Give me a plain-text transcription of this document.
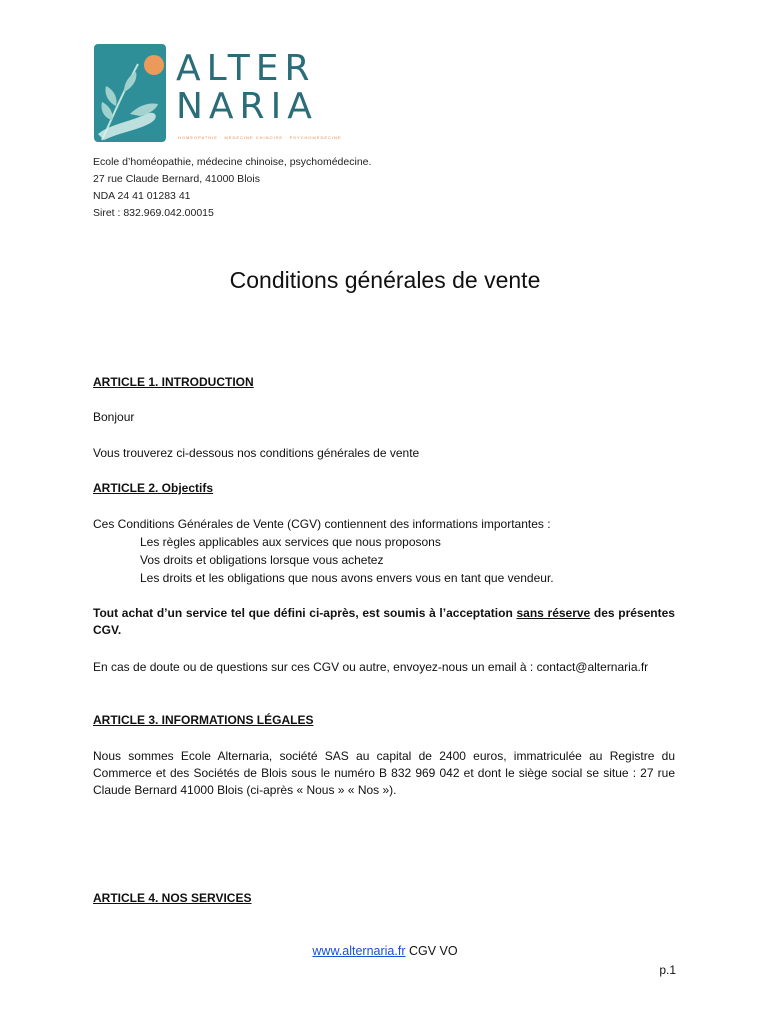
ALTER
NARIA
HOMÉOPATHIE · MÉDECINE CHINOISE · PSYCHOMÉDECINE
Ecole d’homéopathie, médecine chinoise, psychomédecine.
27 rue Claude Bernard, 41000 Blois
NDA 24 41 01283 41
Siret : 832.969.042.00015
Conditions générales de vente
ARTICLE 1. INTRODUCTION
Bonjour
Vous trouverez ci-dessous nos conditions générales de vente
ARTICLE 2. Objectifs
Ces Conditions Générales de Vente (CGV) contiennent des informations importantes :
Les règles applicables aux services que nous proposons
Vos droits et obligations lorsque vous achetez
Les droits et les obligations que nous avons envers vous en tant que vendeur.
Tout achat d’un service tel que défini ci-après, est soumis à l’acceptation sans réserve des présentes CGV.
En cas de doute ou de questions sur ces CGV ou autre, envoyez-nous un email à : contact@alternaria.fr
ARTICLE 3. INFORMATIONS LÉGALES
Nous sommes Ecole Alternaria, société SAS au capital de 2400 euros, immatriculée au Registre du Commerce et des Sociétés de Blois sous le numéro B 832 969 042 et dont le siège social se situe : 27 rue Claude Bernard 41000 Blois (ci-après « Nous » « Nos »).
ARTICLE 4. NOS SERVICES
www.alternaria.fr CGV VO
p.1
